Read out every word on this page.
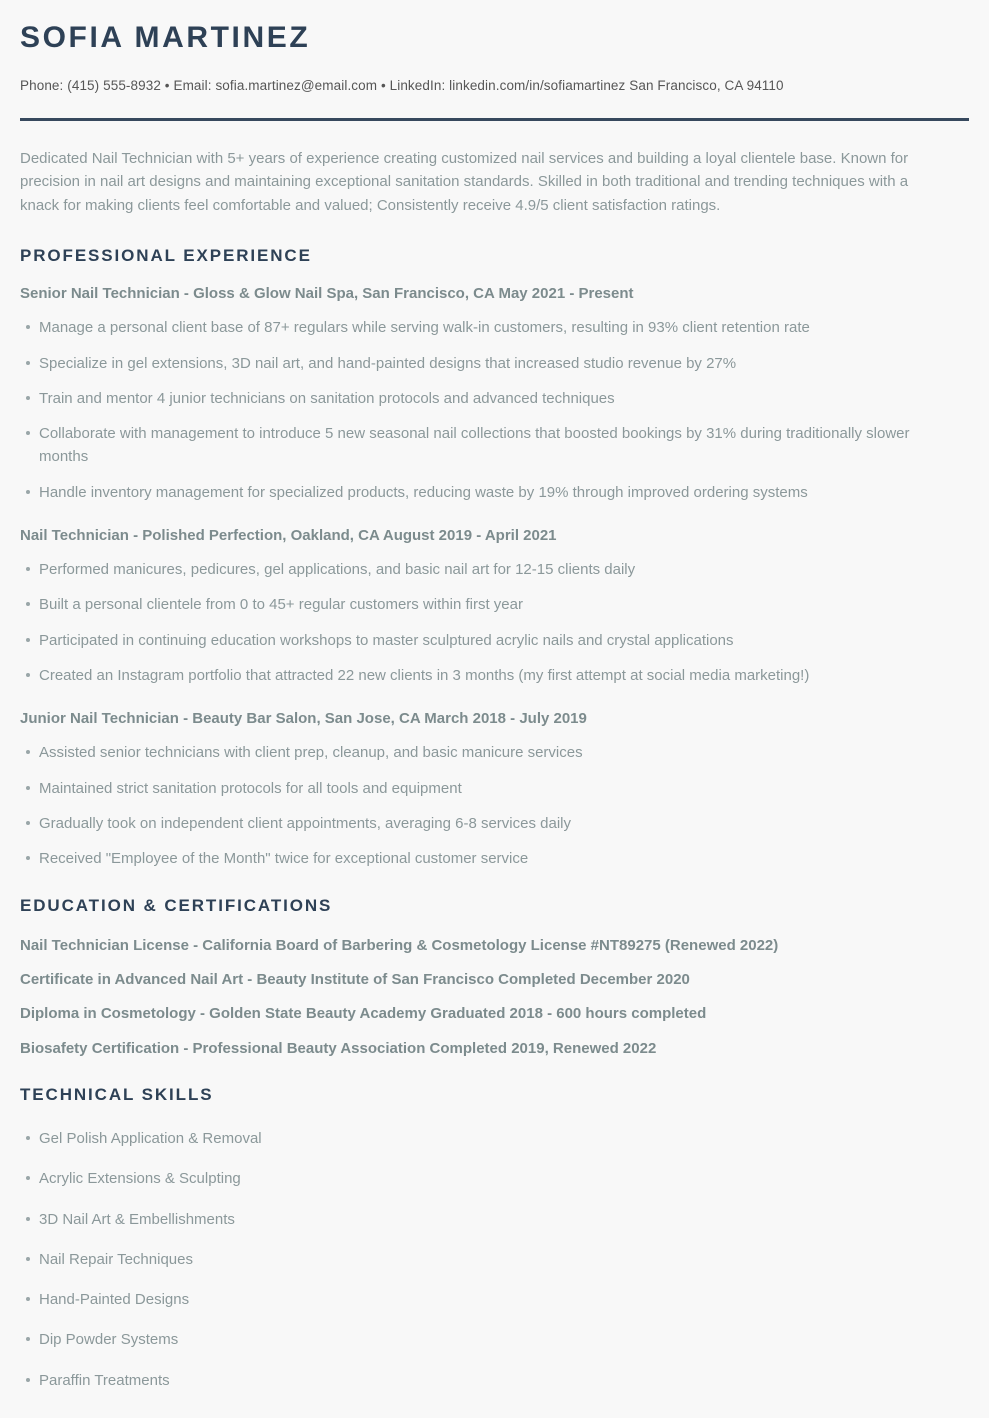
SOFIA MARTINEZ
Phone: (415) 555-8932 • Email: sofia.martinez@email.com • LinkedIn: linkedin.com/in/sofiamartinez San Francisco, CA 94110

Dedicated Nail Technician with 5+ years of experience creating customized nail services and building a loyal clientele base. Known for precision in nail art designs and maintaining exceptional sanitation standards. Skilled in both traditional and trending techniques with a knack for making clients feel comfortable and valued; Consistently receive 4.9/5 client satisfaction ratings.

PROFESSIONAL EXPERIENCE
Senior Nail Technician - Gloss & Glow Nail Spa, San Francisco, CA May 2021 - Present
Manage a personal client base of 87+ regulars while serving walk-in customers, resulting in 93% client retention rate
Specialize in gel extensions, 3D nail art, and hand-painted designs that increased studio revenue by 27%
Train and mentor 4 junior technicians on sanitation protocols and advanced techniques
Collaborate with management to introduce 5 new seasonal nail collections that boosted bookings by 31% during traditionally slower months
Handle inventory management for specialized products, reducing waste by 19% through improved ordering systems
Nail Technician - Polished Perfection, Oakland, CA August 2019 - April 2021
Performed manicures, pedicures, gel applications, and basic nail art for 12-15 clients daily
Built a personal clientele from 0 to 45+ regular customers within first year
Participated in continuing education workshops to master sculptured acrylic nails and crystal applications
Created an Instagram portfolio that attracted 22 new clients in 3 months (my first attempt at social media marketing!)
Junior Nail Technician - Beauty Bar Salon, San Jose, CA March 2018 - July 2019
Assisted senior technicians with client prep, cleanup, and basic manicure services
Maintained strict sanitation protocols for all tools and equipment
Gradually took on independent client appointments, averaging 6-8 services daily
Received "Employee of the Month" twice for exceptional customer service
EDUCATION & CERTIFICATIONS
Nail Technician License - California Board of Barbering & Cosmetology License #NT89275 (Renewed 2022)
Certificate in Advanced Nail Art - Beauty Institute of San Francisco Completed December 2020
Diploma in Cosmetology - Golden State Beauty Academy Graduated 2018 - 600 hours completed
Biosafety Certification - Professional Beauty Association Completed 2019, Renewed 2022
TECHNICAL SKILLS
Gel Polish Application & Removal
Acrylic Extensions & Sculpting
3D Nail Art & Embellishments
Nail Repair Techniques
Hand-Painted Designs
Dip Powder Systems
Paraffin Treatments
